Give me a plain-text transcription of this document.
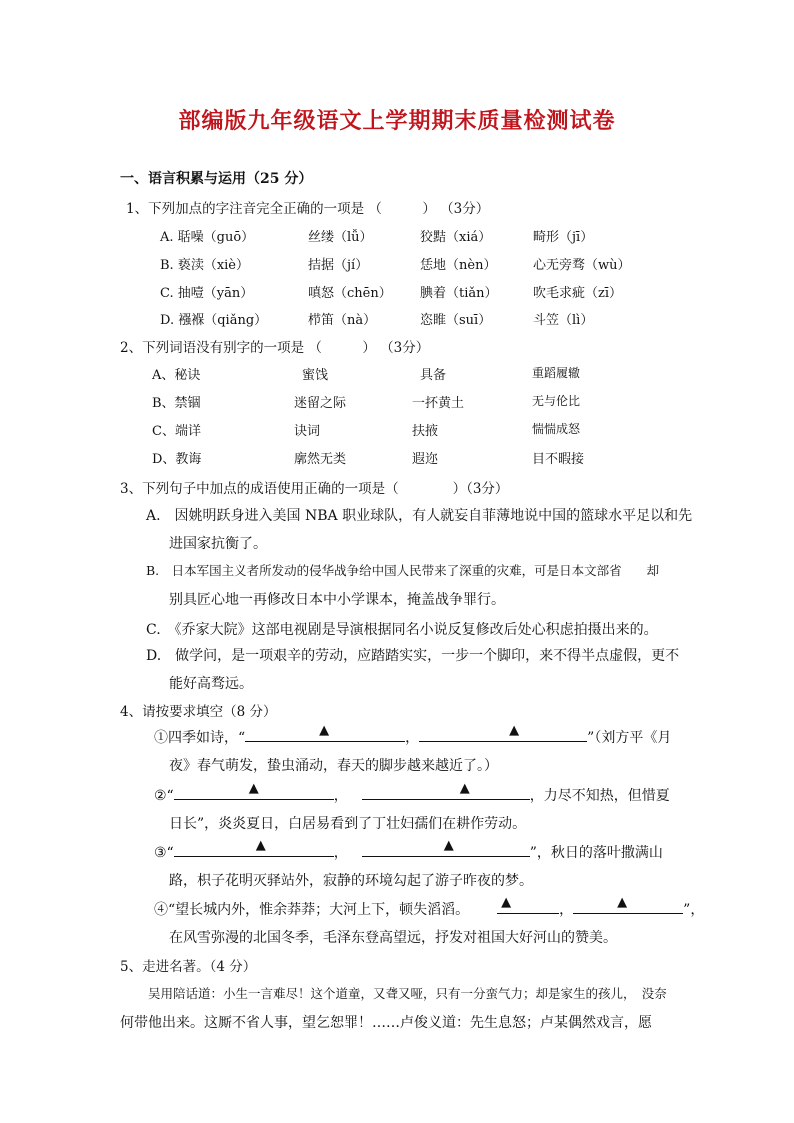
部编版九年级语文上学期期末质量检测试卷
一、语言积累与运用（25 分）
1、下列加点的字注音完全正确的一项是 （　　　） （3分）
A. 聒噪（guō）	丝缕（lǚ）	狡黠（xiá）	畸形（jī）
B. 亵渎（xiè）	拮据（jí）	恁地（nèn）	心无旁骛（wù）
C. 抽噎（yān）	嗔怒（chēn） 腆着（tiǎn）	吹毛求疵（zī）
D. 襁褓（qiǎng）	栉笛（nà）	恣睢（suī）	斗笠（lì）
2、下列词语没有别字的一项是 （　　　） （3分）
A、秘诀	蜜饯	具备	重蹈履辙
B、禁锢	迷留之际	一抔黄土	无与伦比
C、端详	诀词	扶掖	惴惴成怒
D、教诲	廓然无类	遐迩	目不暇接
3、下列句子中加点的成语使用正确的一项是（　　　　）（3分）
A.　因姚明跃身进入美国 NBA 职业球队，有人就妄自菲薄地说中国的篮球水平足以和先
进国家抗衡了。
B.　日本军国主义者所发动的侵华战争给中国人民带来了深重的灾难，可是日本文部省　　却
别具匠心地一再修改日本中小学课本，掩盖战争罪行。
C.　《乔家大院》这部电视剧是导演根据同名小说反复修改后处心积虑拍摄出来的。
D.　做学问，是一项艰辛的劳动，应踏踏实实，一步一个脚印，来不得半点虚假，更不
能好高骛远。
4、请按要求填空（8 分）
①四季如诗，“	▲	，	▲	”（刘方平《月
夜》春气萌发，蛰虫涌动，春天的脚步越来越近了。）
②“	▲	，	▲	，力尽不知热，但惜夏
日长”，炎炎夏日，白居易看到了丁壮妇孺们在耕作劳动。
③“	▲	，	▲	”，秋日的落叶撒满山
路，枳子花明灭驿站外，寂静的环境勾起了游子昨夜的梦。
④“望长城内外，惟余莽莽；大河上下，顿失滔滔。 ▲	，	▲	”，
在风雪弥漫的北国冬季，毛泽东登高望远，抒发对祖国大好河山的赞美。
5、走进名著。（4 分）
吴用陪话道：小生一言难尽！这个道童，又聋又哑，只有一分蛮气力；却是家生的孩儿，　没奈
何带他出来。这厮不省人事，望乞恕罪！……卢俊义道：先生息怒；卢某偶然戏言，愿
